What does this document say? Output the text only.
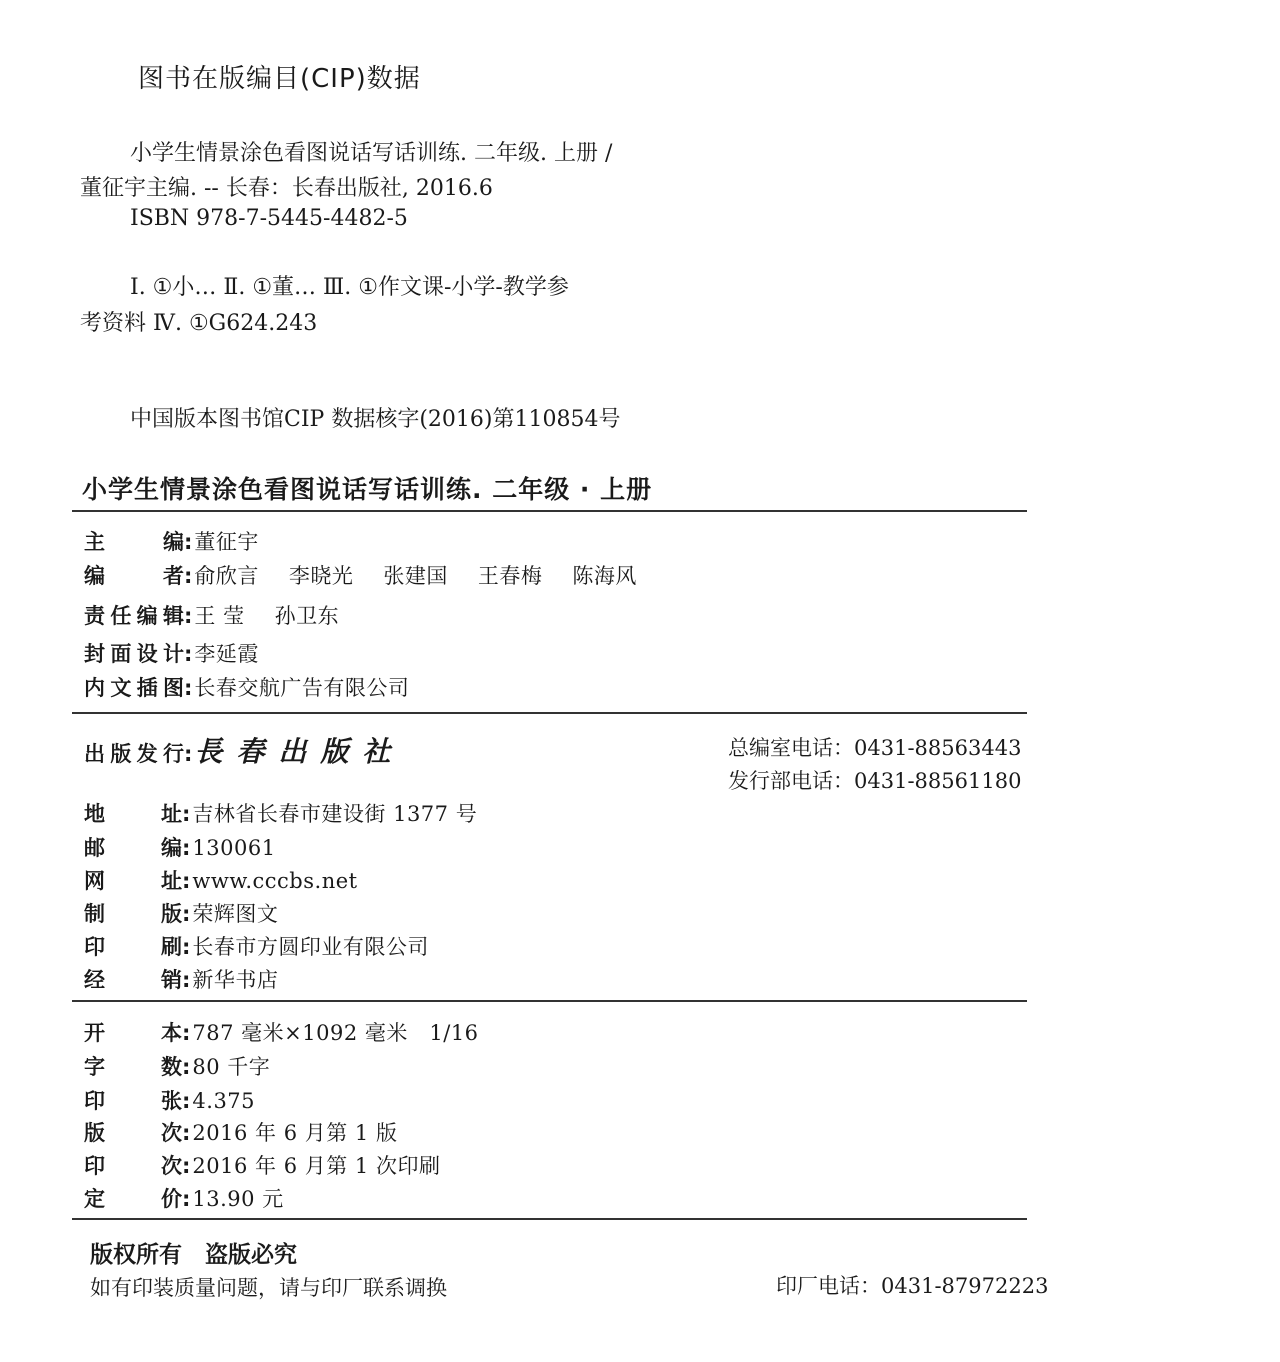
图书在版编目(CIP)数据
小学生情景涂色看图说话写话训练. 二年级. 上册 /
董征宇主编. -- 长春：长春出版社, 2016.6
ISBN 978-7-5445-4482-5
Ⅰ. ①小… Ⅱ. ①董… Ⅲ. ①作文课-小学-教学参
考资料 Ⅳ. ①G624.243
中国版本图书馆CIP 数据核字(2016)第110854号
小学生情景涂色看图说话写话训练. 二年级 · 上册
主	编 : 董征宇
编	者 : 俞欣言 李晓光 张建国 王春梅 陈海风
责 任 编 辑 : 王 莹 孙卫东
封 面 设 计 : 李延霞
内 文 插 图 : 长春交航广告有限公司
出 版 发 行 : 長春出版社	总编室电话：0431-88563443
发行部电话：0431-88561180
地	址 : 吉林省长春市建设街 1377 号
邮	编 : 130061
网	址 : www.cccbs.net
制	版 : 荣辉图文
印	刷 : 长春市方圆印业有限公司
经	销 : 新华书店
开	本 : 787 毫米×1092 毫米　1/16
字	数 : 80 千字
印	张 : 4.375
版	次 : 2016 年 6 月第 1 版
印	次 : 2016 年 6 月第 1 次印刷
定	价 : 13.90 元
版权所有　盗版必究
如有印装质量问题，请与印厂联系调换	印厂电话：0431-87972223
